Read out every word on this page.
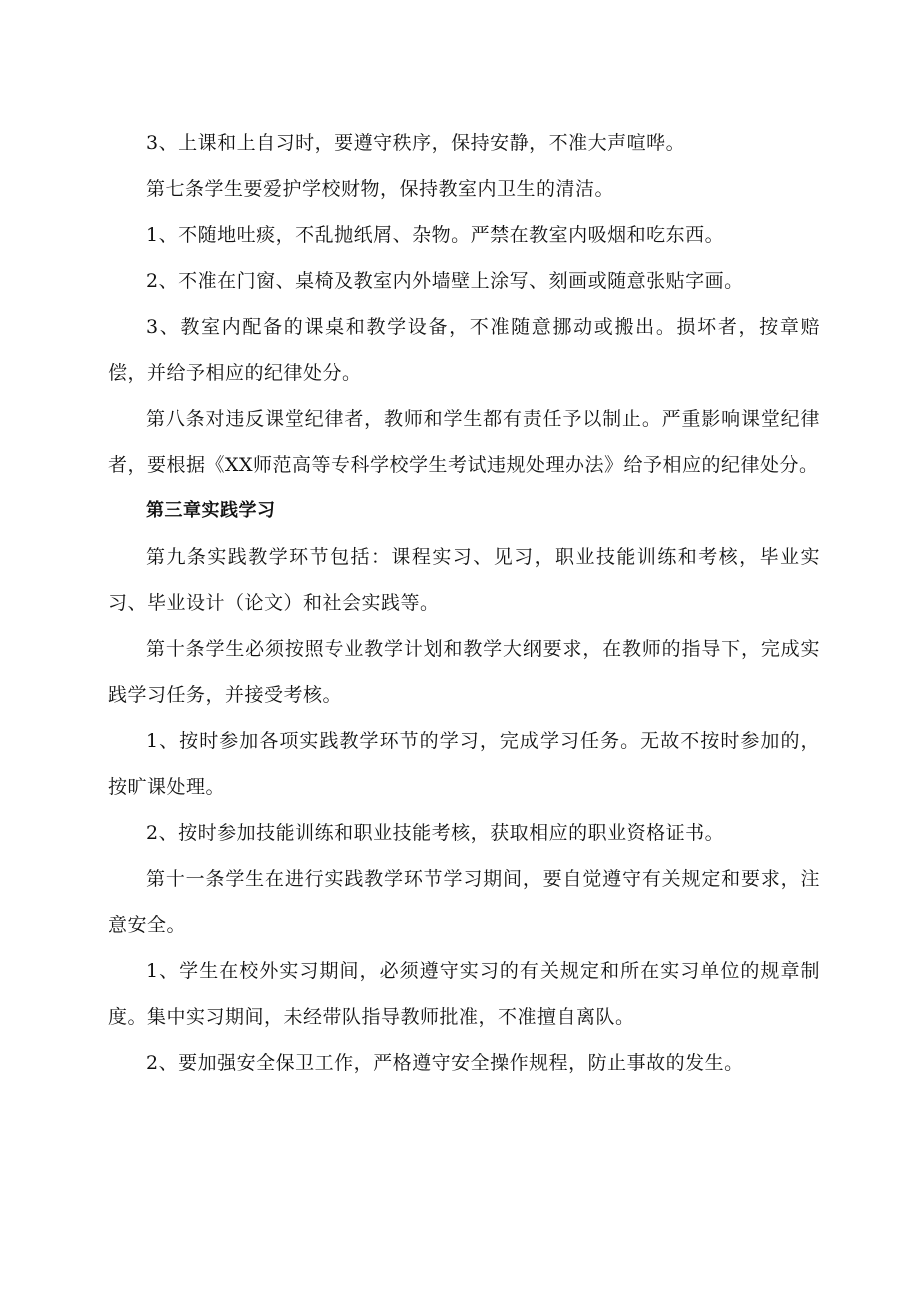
3、上课和上自习时，要遵守秩序，保持安静，不准大声喧哗。

第七条学生要爱护学校财物，保持教室内卫生的清洁。

1、不随地吐痰，不乱抛纸屑、杂物。严禁在教室内吸烟和吃东西。

2、不准在门窗、桌椅及教室内外墙壁上涂写、刻画或随意张贴字画。

3、教室内配备的课桌和教学设备，不准随意挪动或搬出。损坏者，按章赔偿，并给予相应的纪律处分。

第八条对违反课堂纪律者，教师和学生都有责任予以制止。严重影响课堂纪律者，要根据《XX师范高等专科学校学生考试违规处理办法》给予相应的纪律处分。

第三章实践学习

第九条实践教学环节包括：课程实习、见习，职业技能训练和考核，毕业实习、毕业设计（论文）和社会实践等。

第十条学生必须按照专业教学计划和教学大纲要求，在教师的指导下，完成实践学习任务，并接受考核。

1、按时参加各项实践教学环节的学习，完成学习任务。无故不按时参加的，按旷课处理。

2、按时参加技能训练和职业技能考核，获取相应的职业资格证书。

第十一条学生在进行实践教学环节学习期间，要自觉遵守有关规定和要求，注意安全。

1、学生在校外实习期间，必须遵守实习的有关规定和所在实习单位的规章制度。集中实习期间，未经带队指导教师批准，不准擅自离队。

2、要加强安全保卫工作，严格遵守安全操作规程，防止事故的发生。
